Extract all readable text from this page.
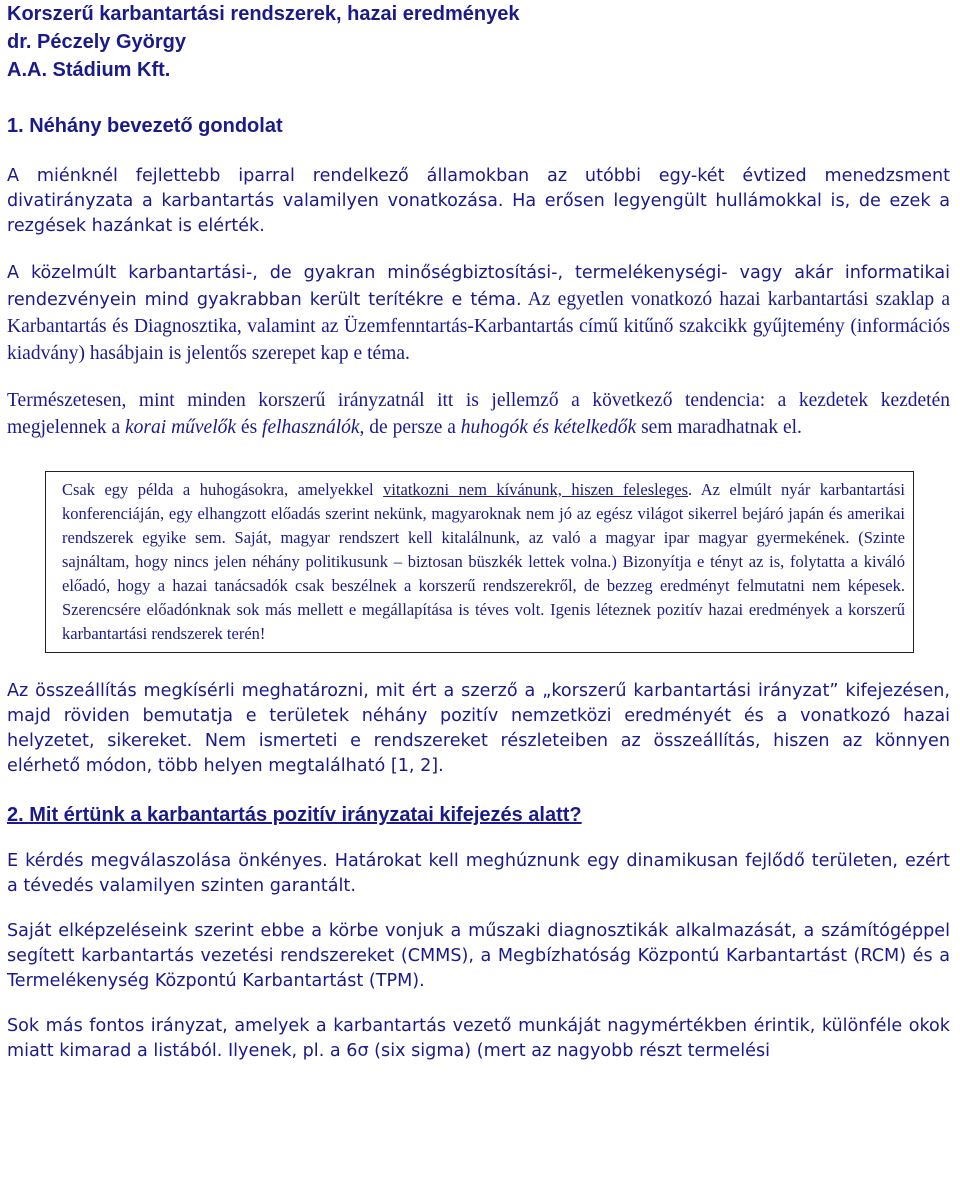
Korszerű karbantartási rendszerek, hazai eredmények
dr. Péczely György
A.A. Stádium Kft.
1. Néhány bevezető gondolat

A miénknél fejlettebb iparral rendelkező államokban az utóbbi egy-két évtized menedzsment divatirányzata a karbantartás valamilyen vonatkozása. Ha erősen legyengült hullámokkal is, de ezek a rezgések hazánkat is elérték.

A közelmúlt karbantartási-, de gyakran minőségbiztosítási-, termelékenységi- vagy akár informatikai rendezvényein mind gyakrabban került terítékre e téma. Az egyetlen vonatkozó hazai karbantartási szaklap a Karbantartás és Diagnosztika, valamint az Üzemfenntartás-Karbantartás című kitűnő szakcikk gyűjtemény (információs kiadvány) hasábjain is jelentős szerepet kap e téma.

Természetesen, mint minden korszerű irányzatnál itt is jellemző a következő tendencia: a kezdetek kezdetén megjelennek a korai művelők és felhasználók, de persze a huhogók és kételkedők sem maradhatnak el.

Csak egy példa a huhogásokra, amelyekkel vitatkozni nem kívánunk, hiszen felesleges. Az elmúlt nyár karbantartási konferenciáján, egy elhangzott előadás szerint nekünk, magyaroknak nem jó az egész világot sikerrel bejáró japán és amerikai rendszerek egyike sem. Saját, magyar rendszert kell kitalálnunk, az való a magyar ipar magyar gyermekének. (Szinte sajnáltam, hogy nincs jelen néhány politikusunk – biztosan büszkék lettek volna.) Bizonyítja e tényt az is, folytatta a kiváló előadó, hogy a hazai tanácsadók csak beszélnek a korszerű rendszerekről, de bezzeg eredményt felmutatni nem képesek. Szerencsére előadónknak sok más mellett e megállapítása is téves volt. Igenis léteznek pozitív hazai eredmények a korszerű karbantartási rendszerek terén!

Az összeállítás megkísérli meghatározni, mit ért a szerző a „korszerű karbantartási irányzat” kifejezésen, majd röviden bemutatja e területek néhány pozitív nemzetközi eredményét és a vonatkozó hazai helyzetet, sikereket. Nem ismerteti e rendszereket részleteiben az összeállítás, hiszen az könnyen elérhető módon, több helyen megtalálható [1, 2].

2. Mit értünk a karbantartás pozitív irányzatai kifejezés alatt?

E kérdés megválaszolása önkényes. Határokat kell meghúznunk egy dinamikusan fejlődő területen, ezért a tévedés valamilyen szinten garantált.

Saját elképzeléseink szerint ebbe a körbe vonjuk a műszaki diagnosztikák alkalmazását, a számítógéppel segített karbantartás vezetési rendszereket (CMMS), a Megbízhatóság Központú Karbantartást (RCM) és a Termelékenység Központú Karbantartást (TPM).

Sok más fontos irányzat, amelyek a karbantartás vezető munkáját nagymértékben érintik, különféle okok miatt kimarad a listából. Ilyenek, pl. a 6σ (six sigma) (mert az nagyobb részt termelési
